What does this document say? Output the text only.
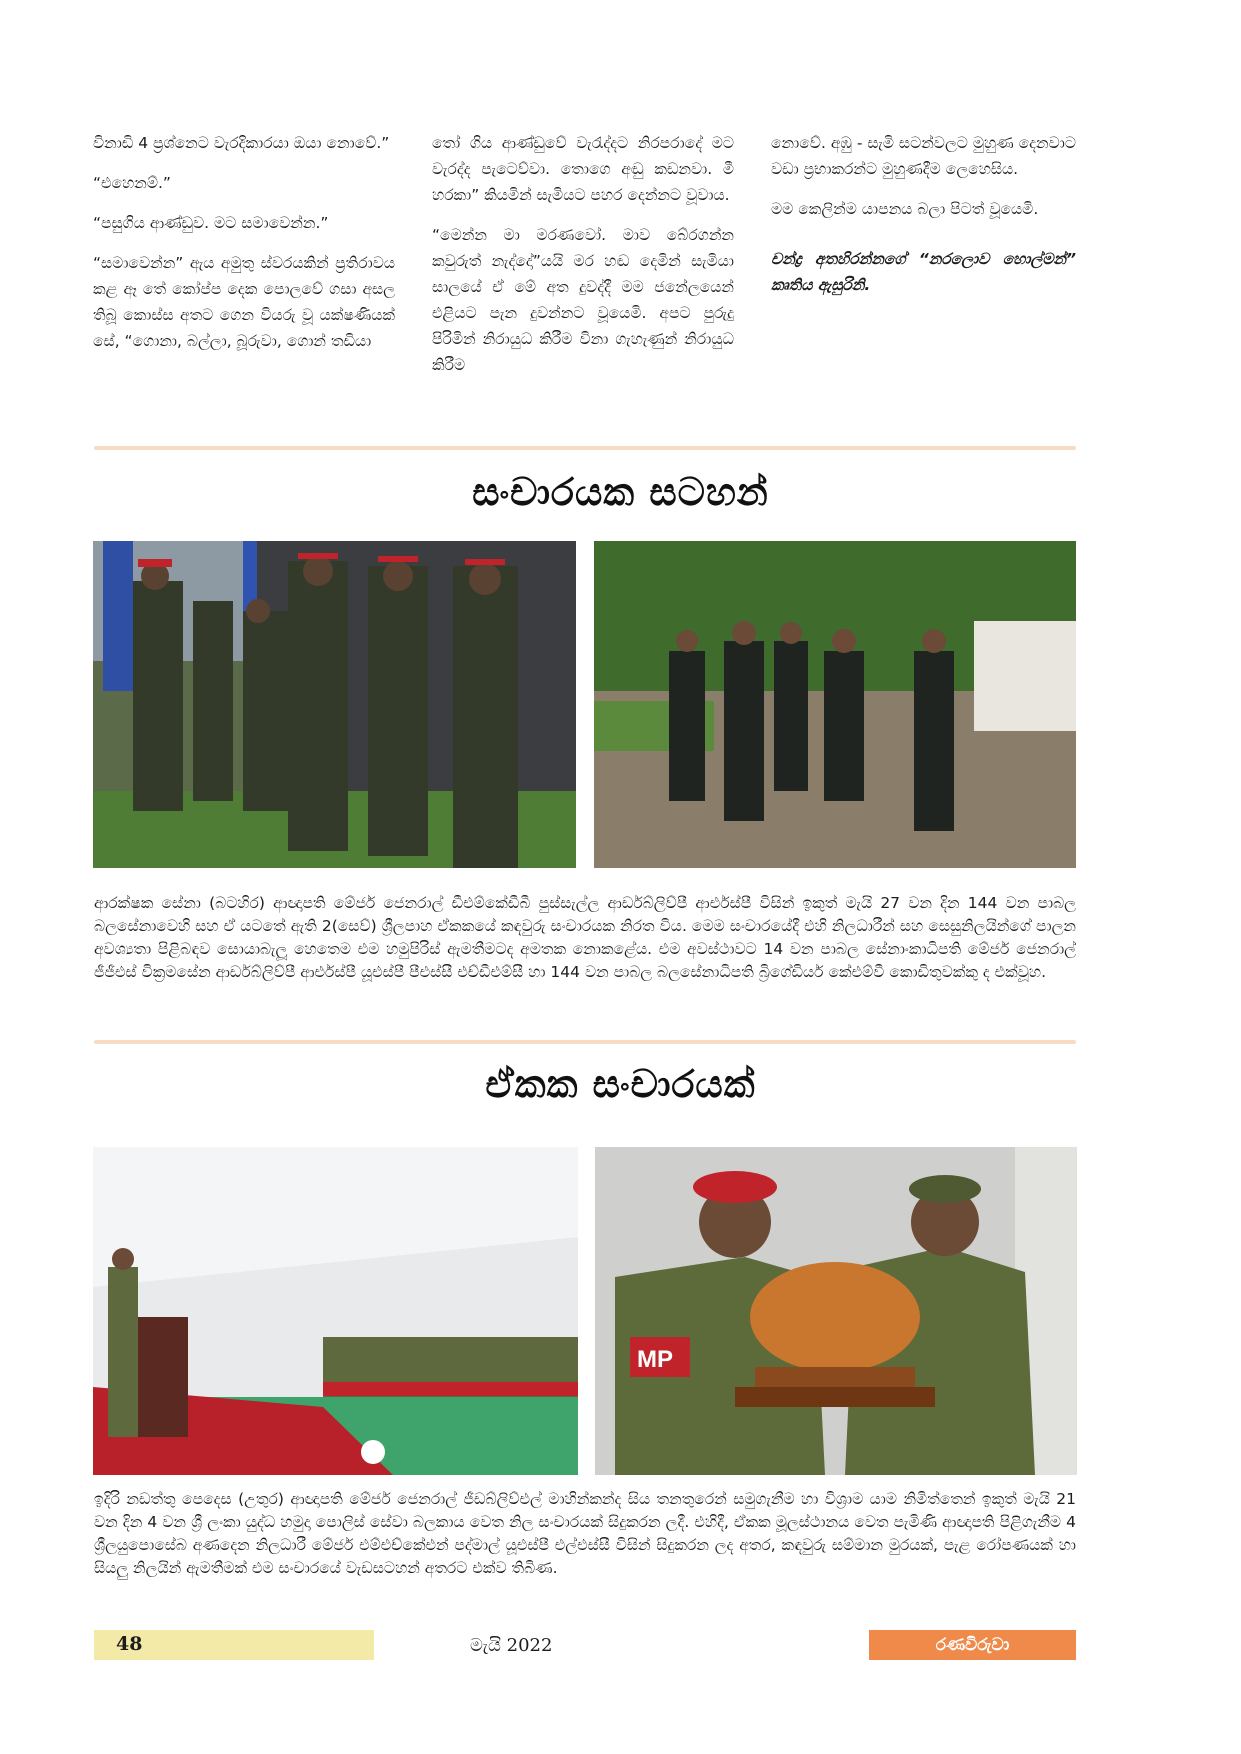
විනාඩි 4 ප්‍රශ්නෙට වැරදිකාරයා ඔයා නොවේ.”

“එහෙනම්.”

“පසුගිය ආණ්ඩුව. මට සමාවෙන්න.”

“සමාවෙන්න” ඇය අමුතු ස්වරයකින් ප්‍රතිරාවය කළ ඈ තේ කෝප්ප දෙක පොලවේ ගසා අසල තිබූ කොස්ස අතට ගෙන වියරු වූ යක්ෂණියක් සේ, “ගොනා, බල්ලා, බූරුවා, ගොන් තඩියා

තෝ ගිය ආණ්ඩුවේ වැරැද්දට නිරපරාදේ මට වැරද්ද පැටෙව්වා. තොගෙ අඬු කඩනවා. මී හරකා” කියමින් සැමියට පහර දෙන්නට වූවාය.

“මෙන්න මා මරණවෝ. මාව බේරගන්න කවුරුත් නැද්දෝ”යයි මර හඬ දෙමින් සැමියා සාලයේ ඒ මේ අත දුවද්දී මම ජනේලයෙන් එළියට පැන දුවන්නට වූයෙමි. අපට පුරුදු පිරිමින් නිරායුධ කිරීම විනා ගැහැණුන් නිරායුධ කිරීම

නොවේ. අඹු - සැමි සටන්වලට මුහුණ දෙනවාට වඩා ප්‍රභාකරන්ට මුහුණදීම ලෙහෙසිය.

මම කෙලින්ම යාපනය බලා පිටත් වූයෙමි.

චන්ද්‍ර අතහිරන්නගේ “නරලොව හොල්මන්” කෘතිය ඇසුරිනි.

සංචාරයක සටහන්
ආරක්ෂක සේනා (බටහිර) ආඥාපති මේජර් ජෙනරාල් ඩීඑම්කේඩීබී පුස්සැල්ල ආර්ඩබ්ලිව්පී ආර්එස්පී විසින් ඉකුත් මැයි 27 වන දින 144 වන පාබල බලසේනාවෙහි සහ ඒ යටතේ ඇති 2(සෙව්) ශ්‍රීලපාහ ඒකකයේ කඳවුරු සංචාරයක නිරත විය. මෙම සංචාරයේදී එහි නිලධාරීන් සහ සෙසුනිලයින්ගේ පාලන අවශ්‍යතා පිළිබඳව සොයාබැලූ හෙතෙම එම හමුපිරිස් ඇමතීමටද අමතක නොකළේය. එම අවස්ථාවට 14 වන පාබල සේනාංකාධිපති මේජර් ජෙනරාල් ජීජීඑස් වික්‍රමසේන ආර්ඩබ්ලිව්පී ආර්එස්පී යූඑස්පී පීඑස්සී එච්ඩීඑම්සී හා 144 වන පාබල බලසේනාධිපති බ්‍රිගේඩියර් කේඑම්වී කොඩිතුවක්කු ද එක්වූහ.
ඒකක සංචාරයක්
MP
ඉදිරි නඩත්තු පෙදෙස (උතුර) ආඥාපති මේජර් ජෙනරාල් ජීඩබ්ලිව්එල් මාහින්කන්ද සිය තනතුරෙන් සමුගැනීම හා විශ්‍රාම යාම නිමිත්තෙන් ඉකුත් මැයි 21 වන දින 4 වන ශ්‍රී ලංකා යුද්ධ හමුදා පොලිස් සේවා බලකාය වෙත නිල සංචාරයක් සිදුකරන ලදී. එහිදී, ඒකක මූලස්ථානය වෙත පැමිණි ආඥාපති පිළිගැනීම 4 ශ්‍රීලයුපොසේබ අණදෙන නිලධාරී මේජර් එම්එච්කේඑන් පද්මාල් යූඑස්පී එල්එස්සී විසින් සිදුකරන ලද අතර, කඳවුරු සම්මාන මුරයක්, පැළ රෝපණයක් හා සියලු නිලයින් ඇමතීමක් එම සංචාරයේ වැඩසටහන් අතරට එක්ව තිබිණ.
48	මැයි 2022	රණවිරුවා
